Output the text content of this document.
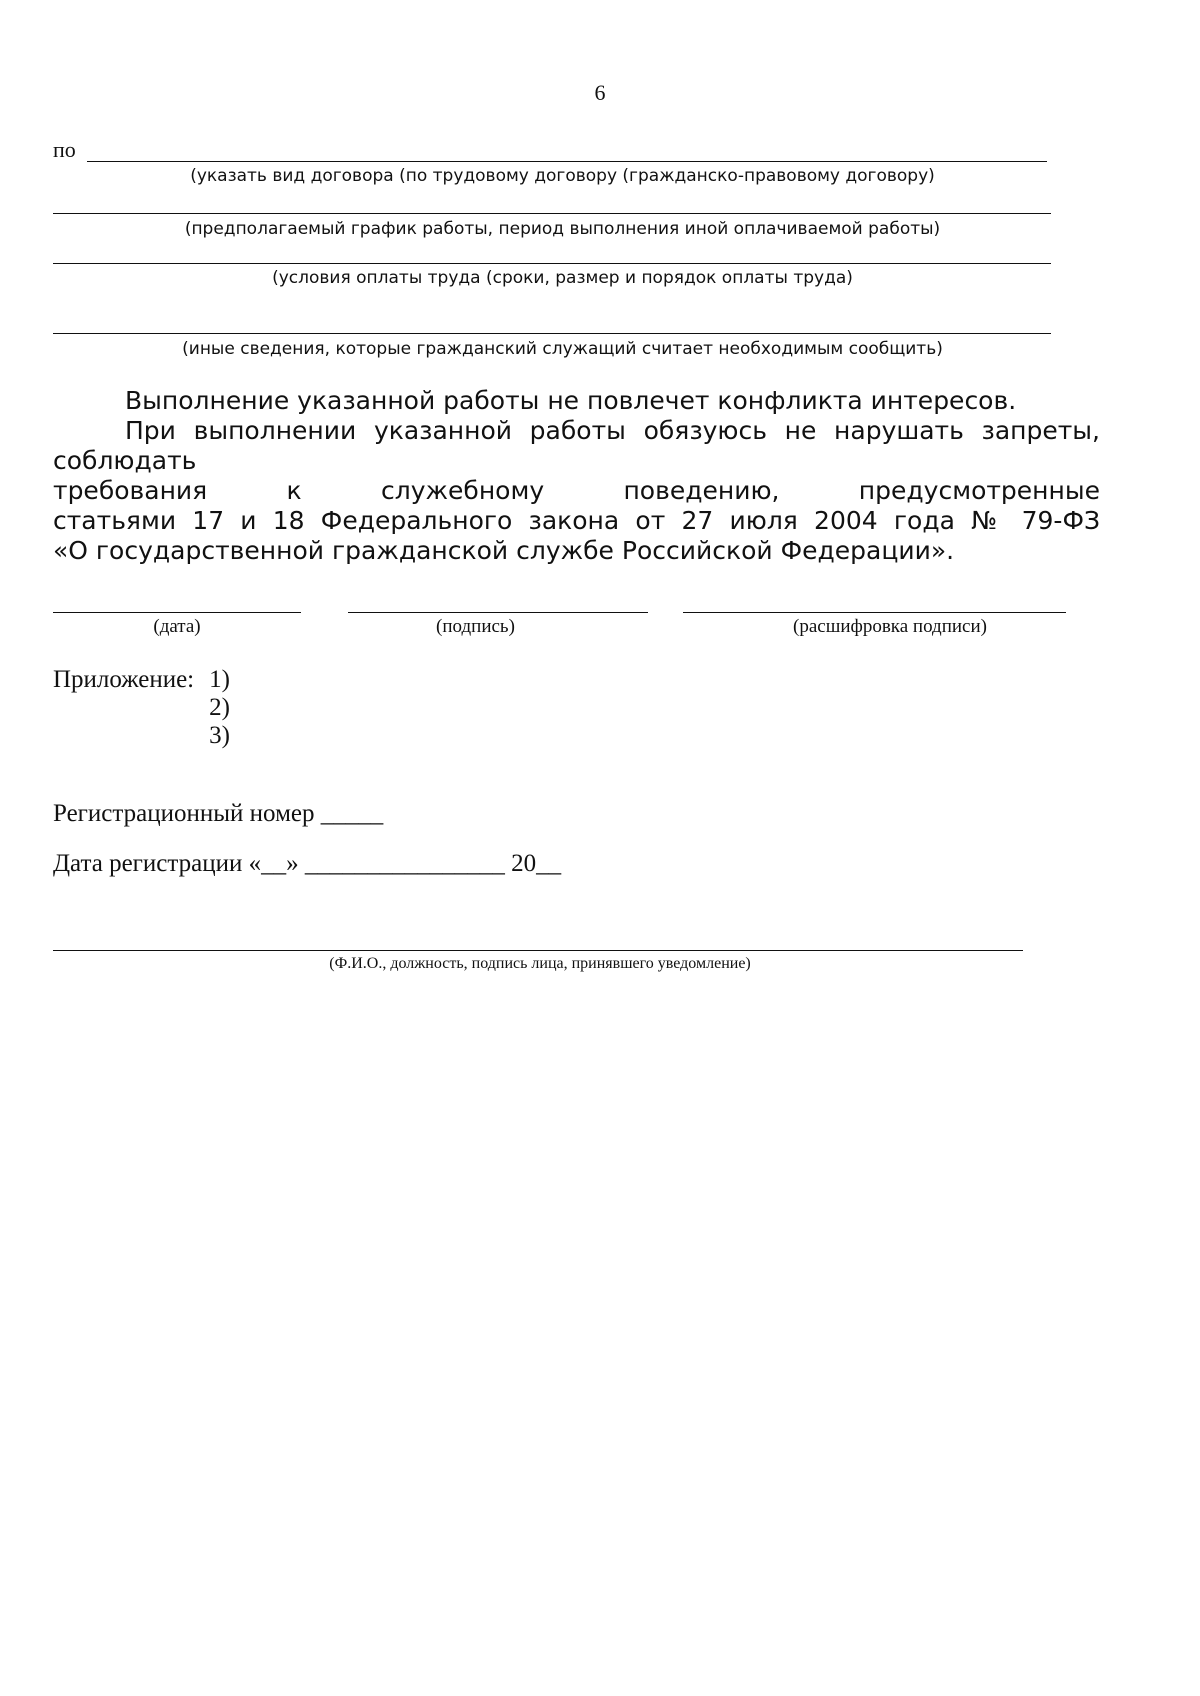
6
по
(указать вид договора (по трудовому договору (гражданско-правовому договору)
(предполагаемый график работы, период выполнения иной оплачиваемой работы)
(условия оплаты труда (сроки, размер и порядок оплаты труда)
(иные сведения, которые гражданский служащий считает необходимым сообщить)
Выполнение указанной работы не повлечет конфликта интересов.
При выполнении указанной работы обязуюсь не нарушать запреты, соблюдать
требования к служебному поведению, предусмотренные
статьями 17 и 18 Федерального закона от 27 июля 2004 года № 79-ФЗ
«О государственной гражданской службе Российской Федерации».
(дата)	(подпись)	(расшифровка подписи)
Приложение: 1)
2)
3)
Регистрационный номер _____
Дата регистрации «__» ________________ 20__
(Ф.И.О., должность, подпись лица, принявшего уведомление)
